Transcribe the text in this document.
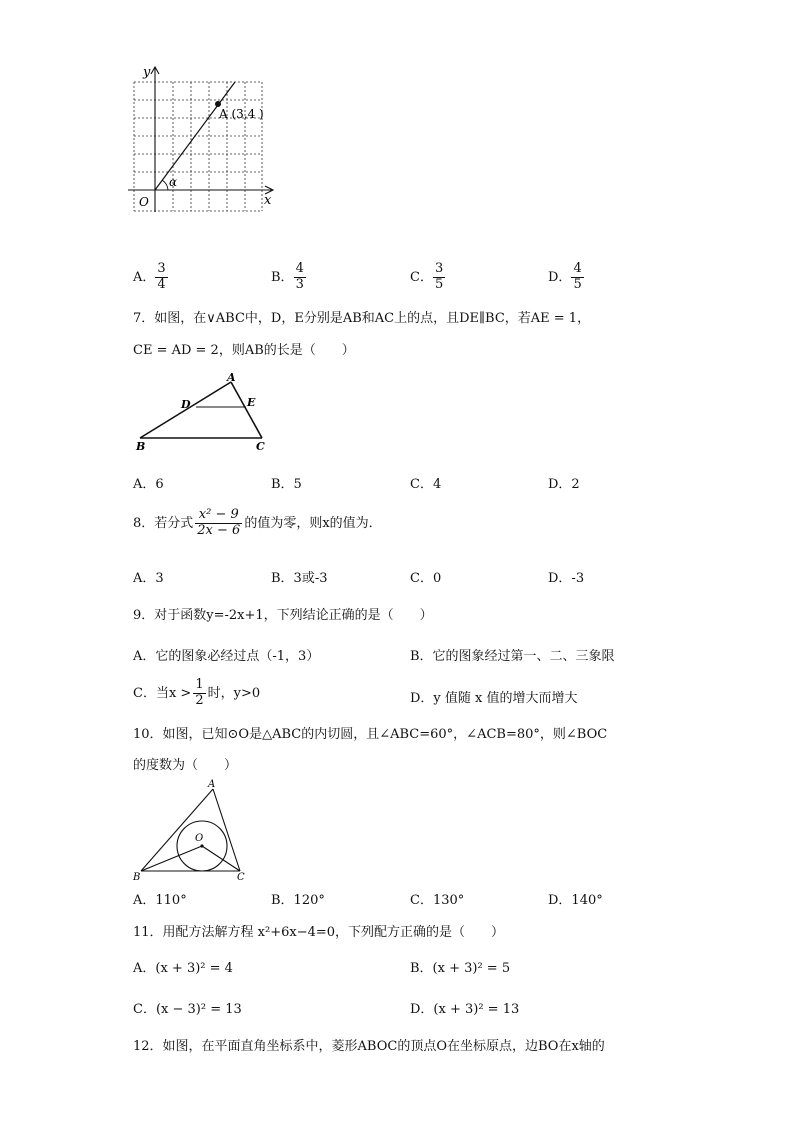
y
x
O
A (3,4 )
α
A． $\frac{3}{4}$	B． $\frac{4}{3}$	C． $\frac{3}{5}$	D． $\frac{4}{5}$
7．如图，在∨ABC中，D，E分别是AB和AC上的点，且DE∥BC，若AE = 1，
CE = AD = 2，则AB的长是（　　）
A
D	E
B	C
A．6	B．5	C．4	D．2
8．若分式 $\frac{\text{x² − 9}}{2x - 6}$ 的值为零，则x的值为．
A．3	B．3或-3	C．0	D．-3
9．对于函数y=-2x+1，下列结论正确的是（　　）
A．它的图象必经过点（-1，3）	B．它的图象经过第一、二、三象限
C．当$x > \frac{1}{2}$ 时，y>0	D．y 值随 x 值的增大而增大
10．如图，已知⊙O是△ABC的内切圆，且∠ABC=60°，∠ACB=80°，则∠BOC
的度数为（　　）
A
O
B	C
A．110°	B．120°	C．130°	D．140°
11．用配方法解方程 x²+6x−4=0，下列配方正确的是（　　）
A．(x + 3)² = 4	B．(x + 3)² = 5
C．(x − 3)² = 13	D．(x + 3)² = 13
12．如图，在平面直角坐标系中，菱形ABOC的顶点O在坐标原点，边BO在x轴的
